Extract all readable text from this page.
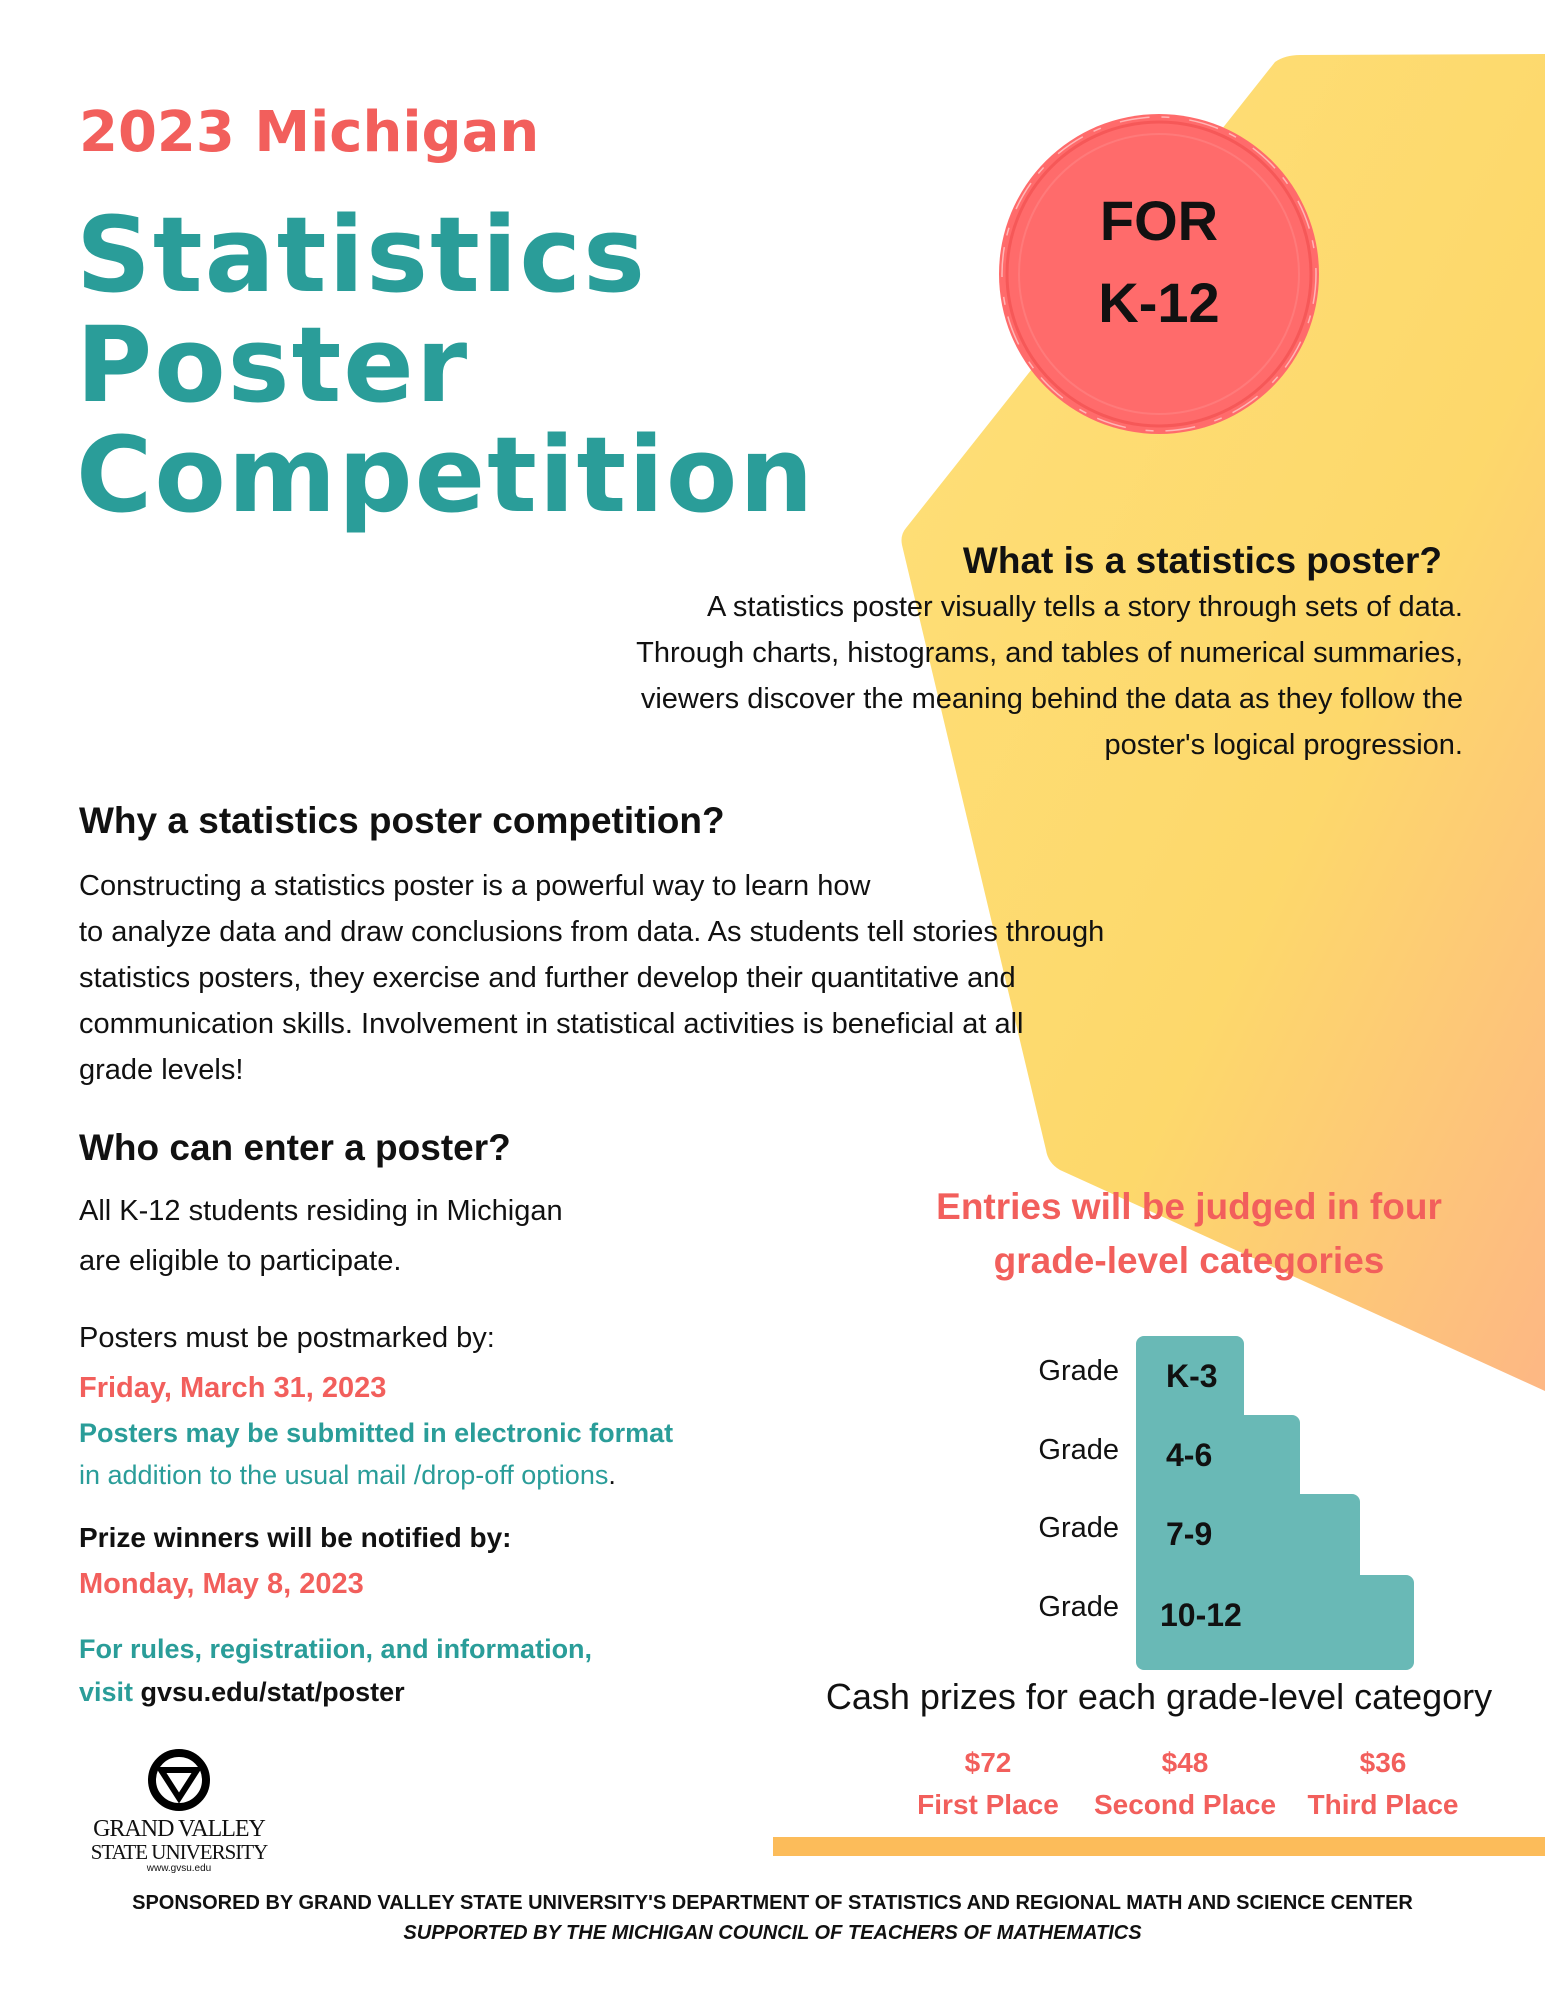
2023 Michigan
Statistics
Poster
Competition
FOR
K-12
What is a statistics poster?
A statistics poster visually tells a story through sets of data.
Through charts, histograms, and tables of numerical summaries,
viewers discover the meaning behind the data as they follow the
poster's logical progression.
Why a statistics poster competition?
Constructing a statistics poster is a powerful way to learn how
to analyze data and draw conclusions from data. As students tell stories through
statistics posters, they exercise and further develop their quantitative and
communication skills. Involvement in statistical activities is beneficial at all
grade levels!
Who can enter a poster?
All K-12 students residing in Michigan
are eligible to participate.
Posters must be postmarked by:
Friday, March 31, 2023
Posters may be submitted in electronic format
in addition to the usual mail /drop-off options.
Prize winners will be notified by:
Monday, May 8, 2023
For rules, registratiion, and information,
visit gvsu.edu/stat/poster
Entries will be judged in four
grade-level categories
Grade K-3
Grade 4-6
Grade 7-9
Grade 10-12
Cash prizes for each grade-level category
$72
First Place
$48
Second Place
$36
Third Place
GRAND VALLEY
STATE UNIVERSITY
www.gvsu.edu
SPONSORED BY GRAND VALLEY STATE UNIVERSITY'S DEPARTMENT OF STATISTICS AND REGIONAL MATH AND SCIENCE CENTER
SUPPORTED BY THE MICHIGAN COUNCIL OF TEACHERS OF MATHEMATICS
